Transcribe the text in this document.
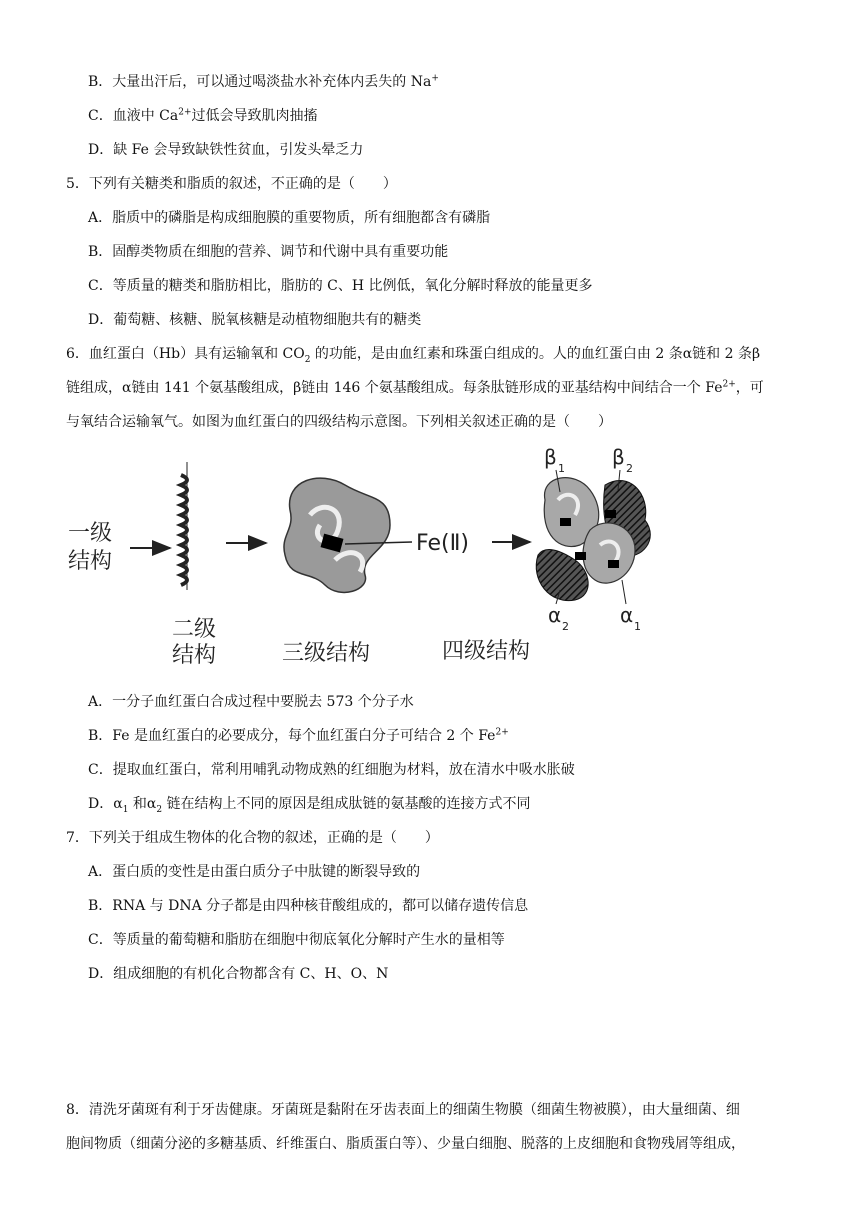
B．大量出汗后，可以通过喝淡盐水补充体内丢失的 Na+
C．血液中 $Ca^{2+}$过低会导致肌肉抽搐
D．缺 Fe 会导致缺铁性贫血，引发头晕乏力
5．下列有关糖类和脂质的叙述，不正确的是（　　）
A．脂质中的磷脂是构成细胞膜的重要物质，所有细胞都含有磷脂
B．固醇类物质在细胞的营养、调节和代谢中具有重要功能
C．等质量的糖类和脂肪相比，脂肪的 C、H 比例低，氧化分解时释放的能量更多
D．葡萄糖、核糖、脱氧核糖是动植物细胞共有的糖类
6．血红蛋白（Hb）具有运输氧和 $CO_2$ 的功能，是由血红素和珠蛋白组成的。人的血红蛋白由 2 条α链和 2 条β
链组成，α链由 141 个氨基酸组成，β链由 146 个氨基酸组成。每条肽链形成的亚基结构中间结合一个 $Fe^{2+}$，可
与氧结合运输氧气。如图为血红蛋白的四级结构示意图。下列相关叙述正确的是（　　）
一级
结构
二级
结构	三级结构
Fe(Ⅱ)
β 1 β 2
α 2	α 1
四级结构
A．一分子血红蛋白合成过程中要脱去 573 个分子水
B．Fe 是血红蛋白的必要成分，每个血红蛋白分子可结合 2 个 $Fe^{2+}$
C．提取血红蛋白，常利用哺乳动物成熟的红细胞为材料，放在清水中吸水胀破
D．$\alpha_1$ 和$\alpha_2$ 链在结构上不同的原因是组成肽链的氨基酸的连接方式不同
7．下列关于组成生物体的化合物的叙述，正确的是（　　）
A．蛋白质的变性是由蛋白质分子中肽键的断裂导致的
B．RNA 与 DNA 分子都是由四种核苷酸组成的，都可以储存遗传信息
C．等质量的葡萄糖和脂肪在细胞中彻底氧化分解时产生水的量相等
D．组成细胞的有机化合物都含有 C、H、O、N
8．清洗牙菌斑有利于牙齿健康。牙菌斑是黏附在牙齿表面上的细菌生物膜（细菌生物被膜），由大量细菌、细
胞间物质（细菌分泌的多糖基质、纤维蛋白、脂质蛋白等）、少量白细胞、脱落的上皮细胞和食物残屑等组成，
